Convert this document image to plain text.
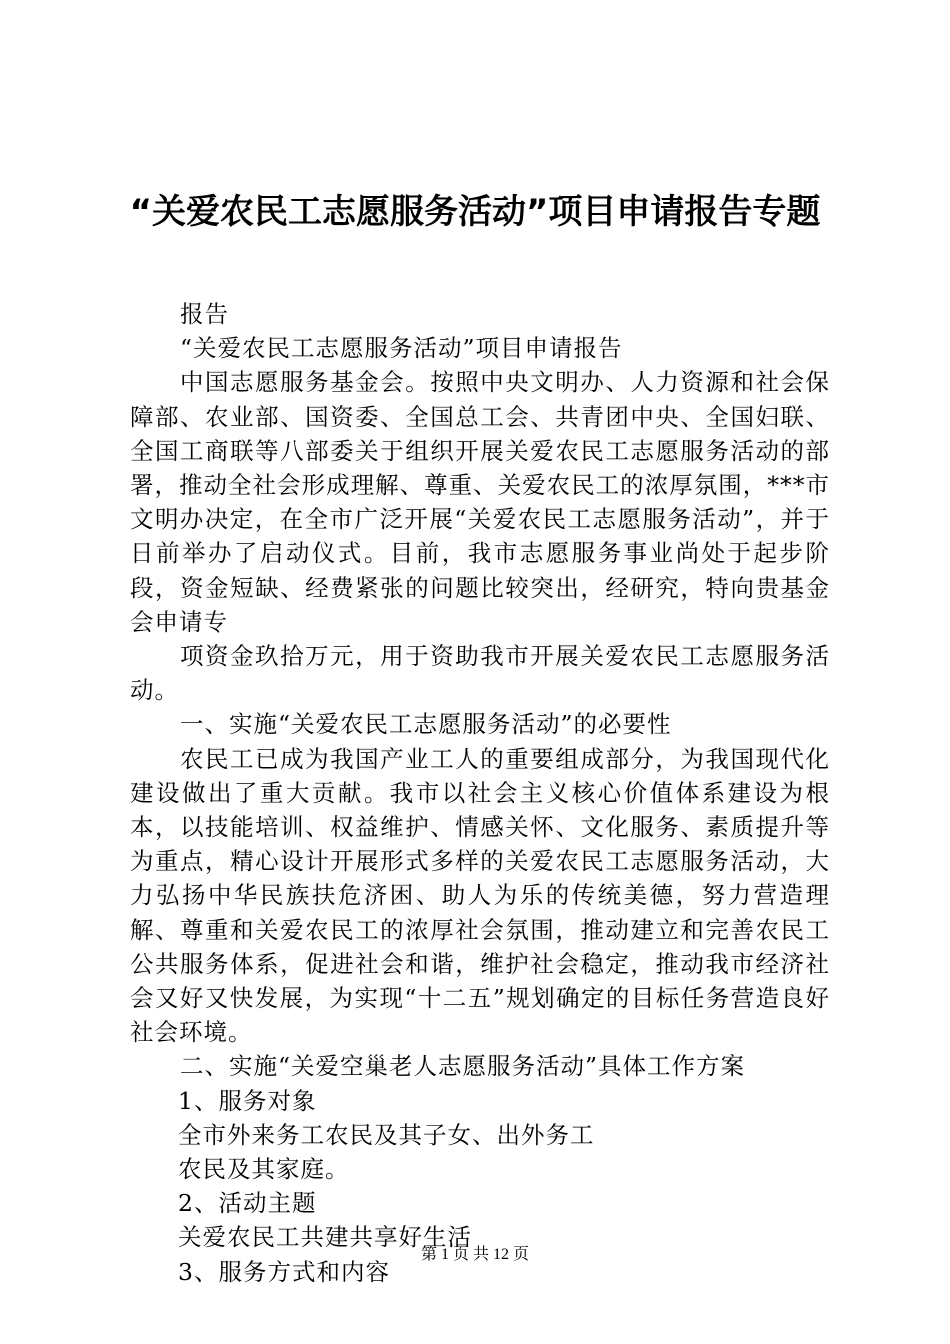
“关爱农民工志愿服务活动”项目申请报告专题

报告

“关爱农民工志愿服务活动”项目申请报告

中国志愿服务基金会。按照中央文明办、人力资源和社会保障部、农业部、国资委、全国总工会、共青团中央、全国妇联、全国工商联等八部委关于组织开展关爱农民工志愿服务活动的部署，推动全社会形成理解、尊重、关爱农民工的浓厚氛围，***市文明办决定，在全市广泛开展“关爱农民工志愿服务活动”，并于日前举办了启动仪式。目前，我市志愿服务事业尚处于起步阶段，资金短缺、经费紧张的问题比较突出，经研究，特向贵基金会申请专

项资金玖拾万元，用于资助我市开展关爱农民工志愿服务活动。

一、实施“关爱农民工志愿服务活动”的必要性

农民工已成为我国产业工人的重要组成部分，为我国现代化建设做出了重大贡献。我市以社会主义核心价值体系建设为根本，以技能培训、权益维护、情感关怀、文化服务、素质提升等为重点，精心设计开展形式多样的关爱农民工志愿服务活动，大力弘扬中华民族扶危济困、助人为乐的传统美德，努力营造理解、尊重和关爱农民工的浓厚社会氛围，推动建立和完善农民工公共服务体系，促进社会和谐，维护社会稳定，推动我市经济社会又好又快发展，为实现“十二五”规划确定的目标任务营造良好社会环境。

二、实施“关爱空巢老人志愿服务活动”具体工作方案

1、服务对象

全市外来务工农民及其子女、出外务工

农民及其家庭。

2、活动主题

关爱农民工共建共享好生活

3、服务方式和内容

第 1 页 共 12 页
